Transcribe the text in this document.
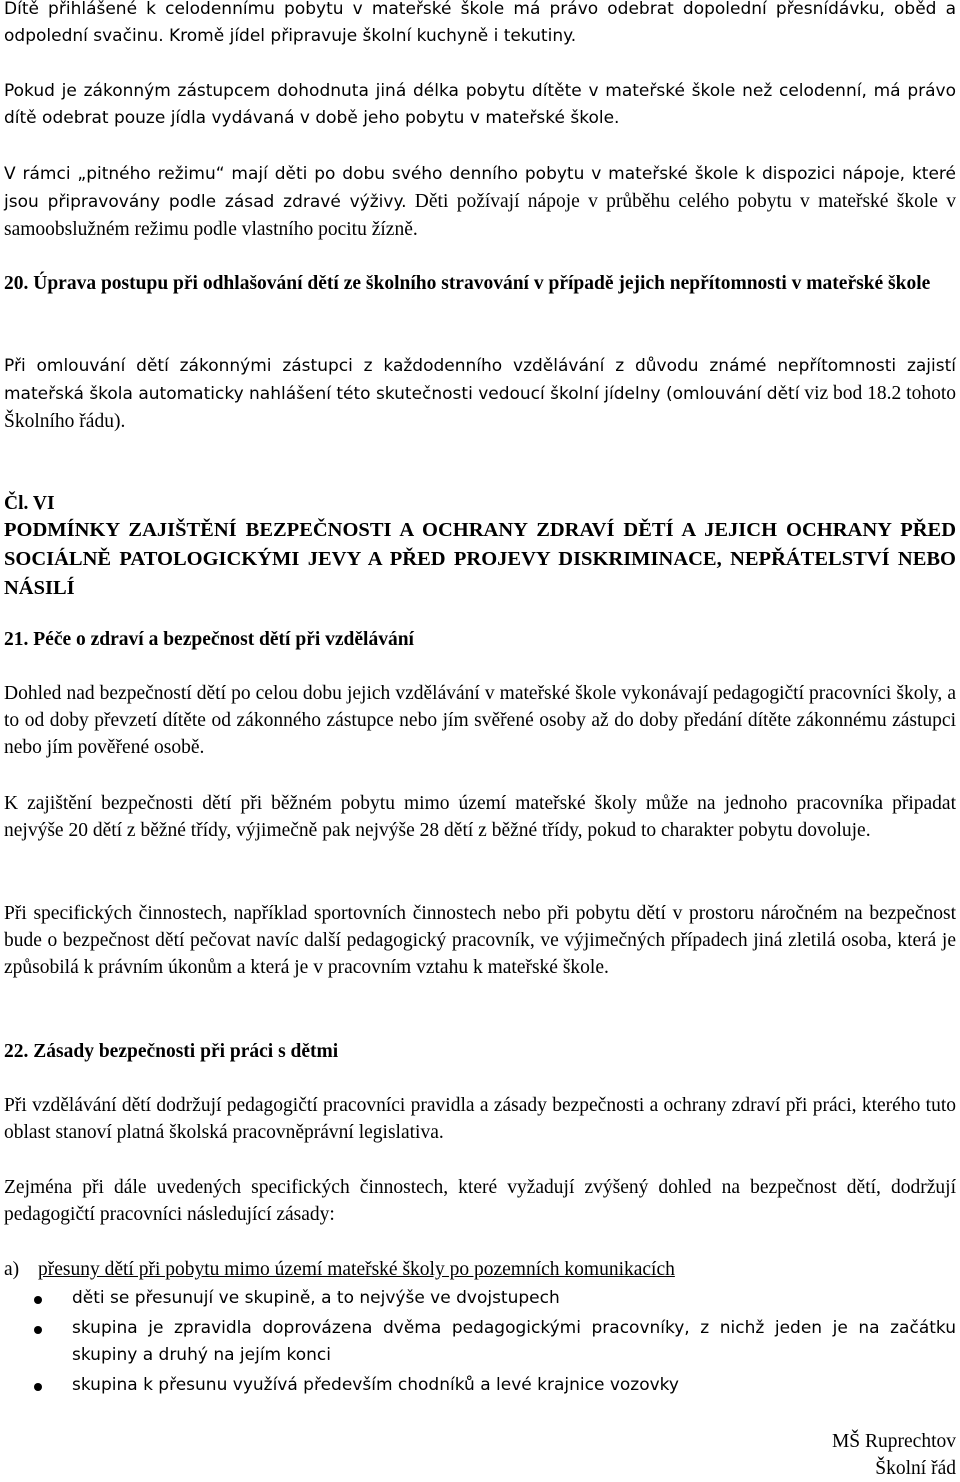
Dítě přihlášené k celodennímu pobytu v mateřské škole má právo odebrat dopolední přesnídávku, oběd a odpolední svačinu. Kromě jídel připravuje školní kuchyně i tekutiny.

Pokud je zákonným zástupcem dohodnuta jiná délka pobytu dítěte v mateřské škole než celodenní, má právo dítě odebrat pouze jídla vydávaná v době jeho pobytu v mateřské škole.

V rámci „pitného režimu“ mají děti po dobu svého denního pobytu v mateřské škole k dispozici nápoje, které jsou připravovány podle zásad zdravé výživy. Děti požívají nápoje v průběhu celého pobytu v mateřské škole v samoobslužném režimu podle vlastního pocitu žízně.

20. Úprava postupu při odhlašování dětí ze školního stravování v případě jejich nepřítomnosti v mateřské škole

Při omlouvání dětí zákonnými zástupci z každodenního vzdělávání z důvodu známé nepřítomnosti zajistí mateřská škola automaticky nahlášení této skutečnosti vedoucí školní jídelny (omlouvání dětí viz bod 18.2 tohoto Školního řádu).

Čl. VI

PODMÍNKY ZAJIŠTĚNÍ BEZPEČNOSTI A OCHRANY ZDRAVÍ DĚTÍ A JEJICH OCHRANY PŘED SOCIÁLNĚ PATOLOGICKÝMI JEVY A PŘED PROJEVY DISKRIMINACE, NEPŘÁTELSTVÍ NEBO NÁSILÍ

21. Péče o zdraví a bezpečnost dětí při vzdělávání

Dohled nad bezpečností dětí po celou dobu jejich vzdělávání v mateřské škole vykonávají pedagogičtí pracovníci školy, a to od doby převzetí dítěte od zákonného zástupce nebo jím svěřené osoby až do doby předání dítěte zákonnému zástupci nebo jím pověřené osobě.

K zajištění bezpečnosti dětí při běžném pobytu mimo území mateřské školy může na jednoho pracovníka připadat nejvýše 20 dětí z běžné třídy, výjimečně pak nejvýše 28 dětí z běžné třídy, pokud to charakter pobytu dovoluje.

Při specifických činnostech, například sportovních činnostech nebo při pobytu dětí v prostoru náročném na bezpečnost bude o bezpečnost dětí pečovat navíc další pedagogický pracovník, ve výjimečných případech jiná zletilá osoba, která je způsobilá k právním úkonům a která je v pracovním vztahu k mateřské škole.

22. Zásady bezpečnosti při práci s dětmi

Při vzdělávání dětí dodržují pedagogičtí pracovníci pravidla a zásady bezpečnosti a ochrany zdraví při práci, kterého tuto oblast stanoví platná školská pracovněprávní legislativa.

Zejména při dále uvedených specifických činnostech, které vyžadují zvýšený dohled na bezpečnost dětí, dodržují pedagogičtí pracovníci následující zásady:

a) přesuny dětí při pobytu mimo území mateřské školy po pozemních komunikacích
děti se přesunují ve skupině, a to nejvýše ve dvojstupech
skupina je zpravidla doprovázena dvěma pedagogickými pracovníky, z nichž jeden je na začátku skupiny a druhý na jejím konci
skupina k přesunu využívá především chodníků a levé krajnice vozovky
MŠ Ruprechtov
Školní řád
